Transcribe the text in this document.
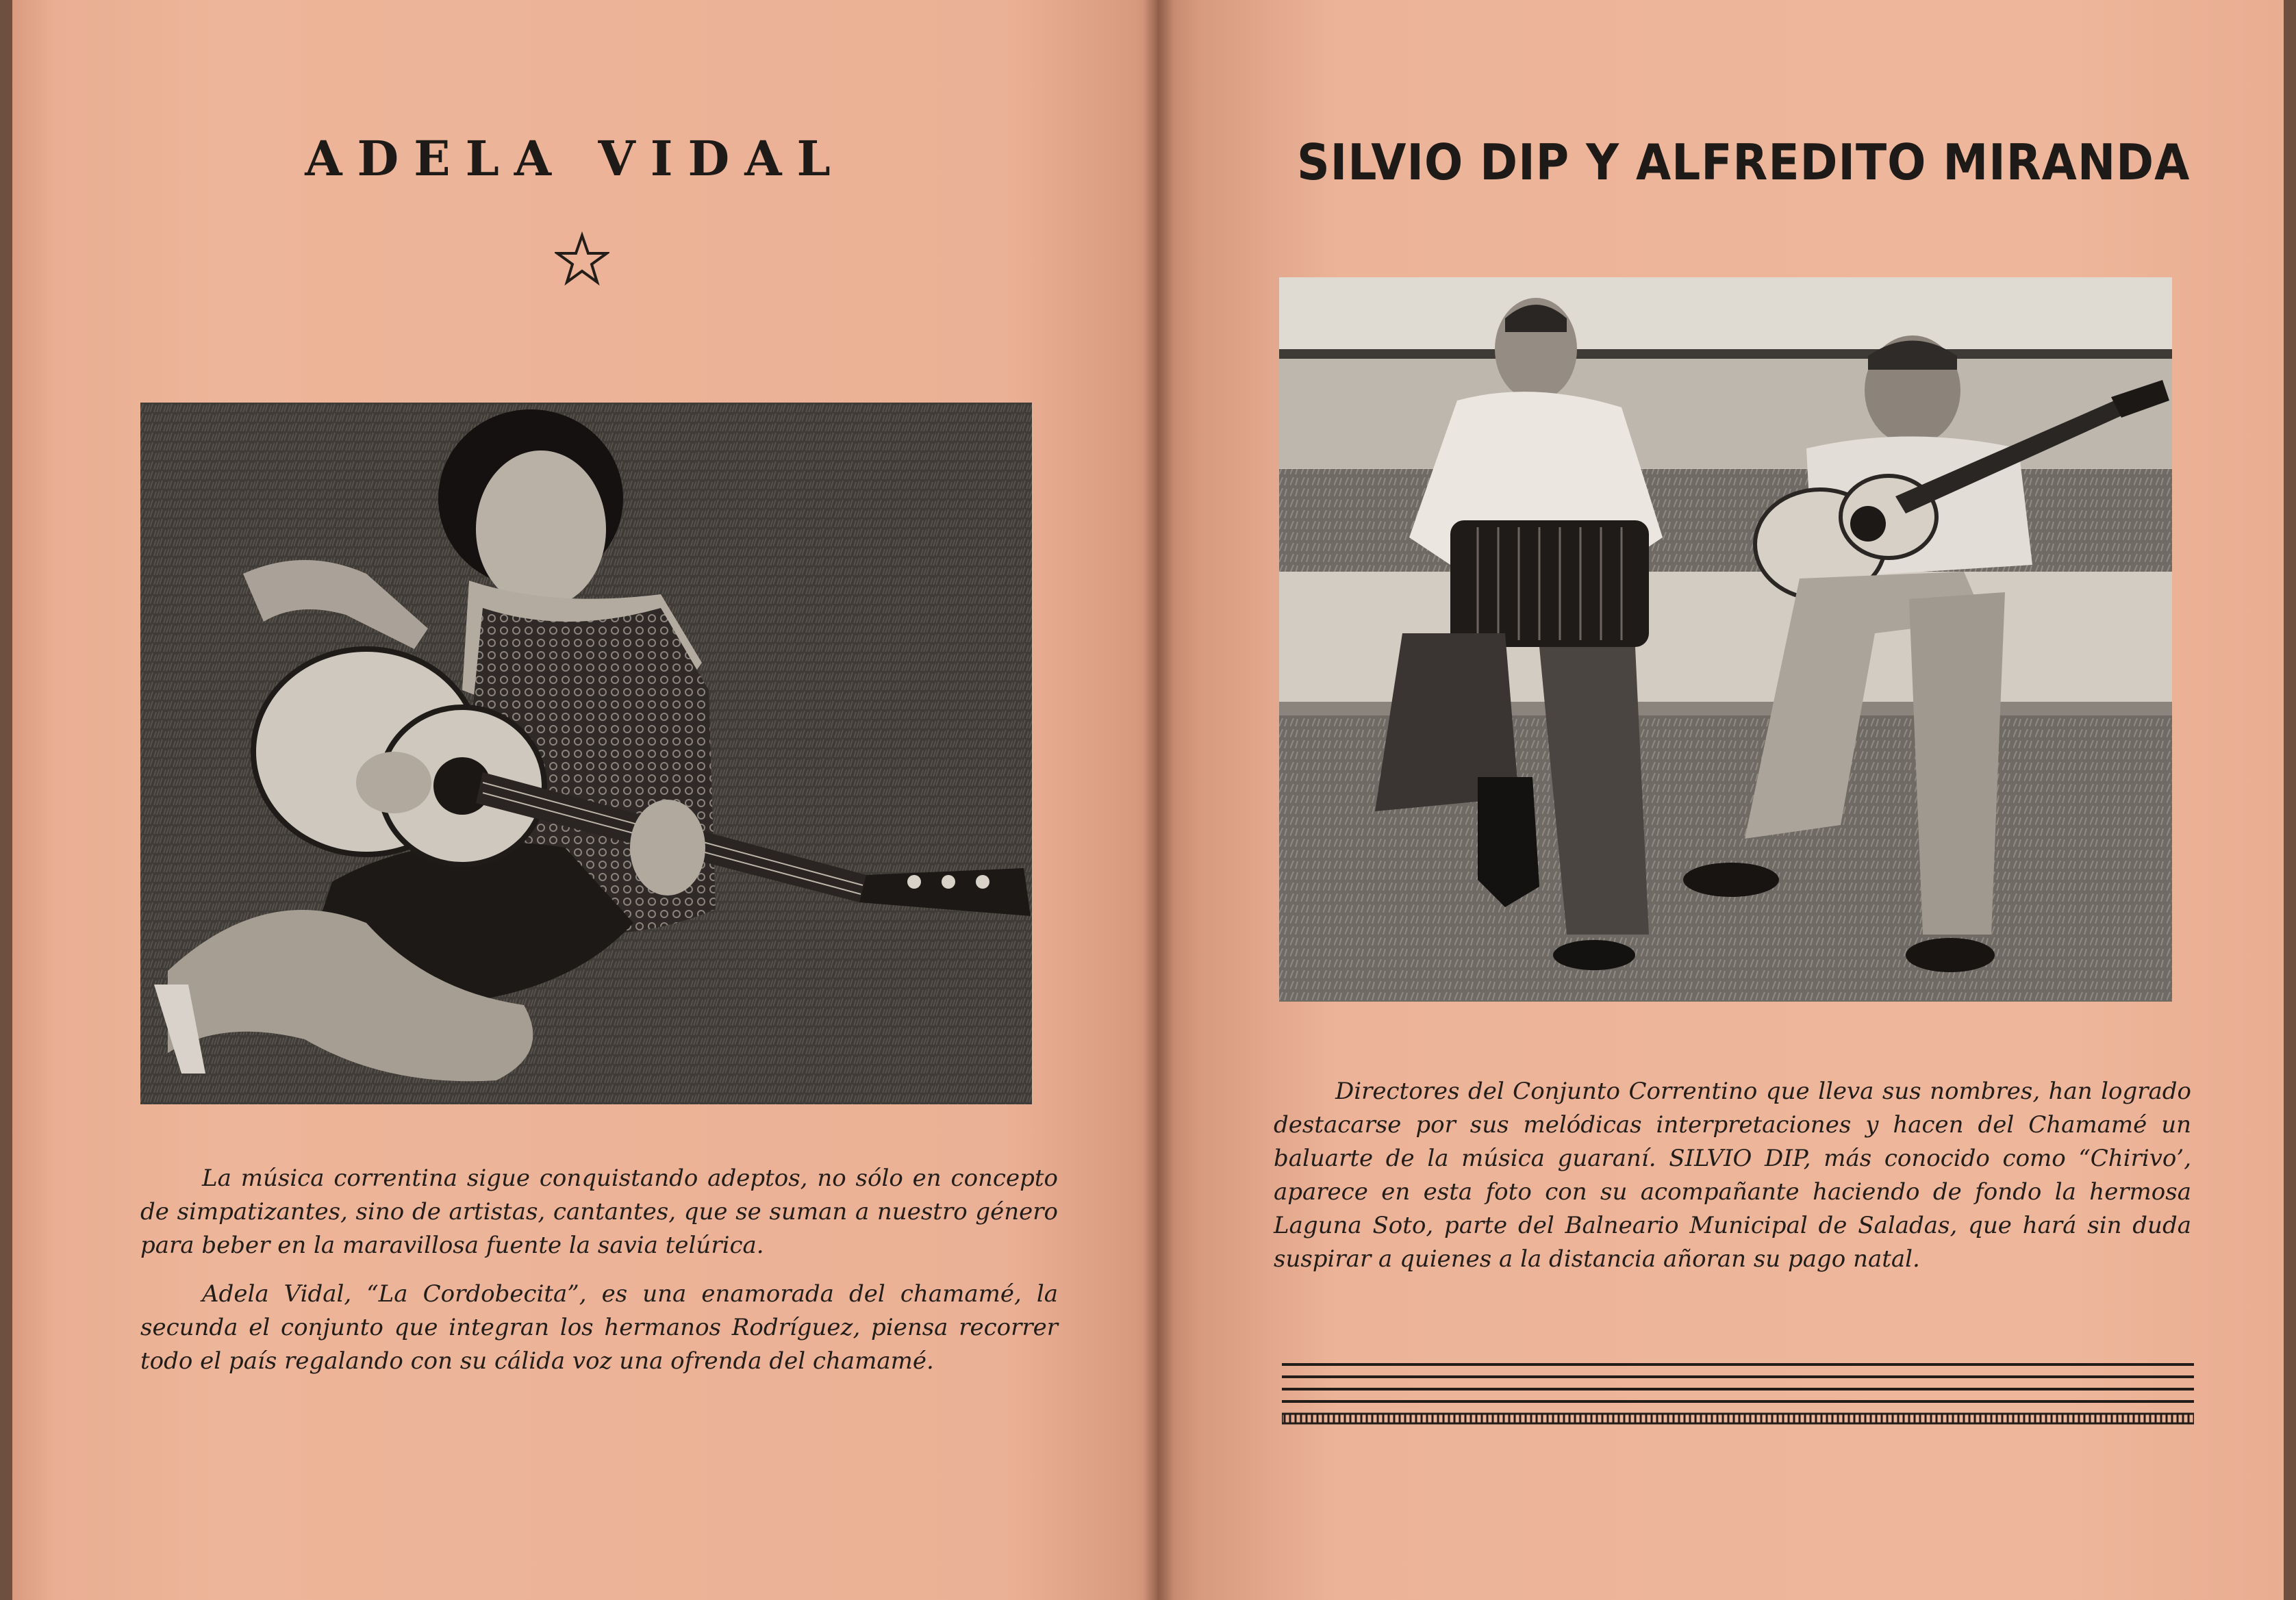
ADELA VIDAL

La música correntina sigue conquistando adeptos, no sólo en concepto de simpatizantes, sino de artistas, cantantes, que se suman a nuestro género para beber en la maravillosa fuente la savia telúrica.

Adela Vidal, “La Cordobecita”, es una enamorada del chamamé, la secunda el conjunto que integran los hermanos Rodríguez, piensa recorrer todo el país regalando con su cálida voz una ofrenda del chamamé.

SILVIO DIP Y ALFREDITO MIRANDA

Directores del Conjunto Correntino que lleva sus nombres, han logrado destacarse por sus melódicas interpretaciones y hacen del Chamamé un baluarte de la música guaraní. SILVIO DIP, más conocido como “Chirivo’, aparece en esta foto con su acompañante haciendo de fondo la hermosa Laguna Soto, parte del Balneario Municipal de Saladas, que hará sin duda suspirar a quienes a la distancia añoran su pago natal.
